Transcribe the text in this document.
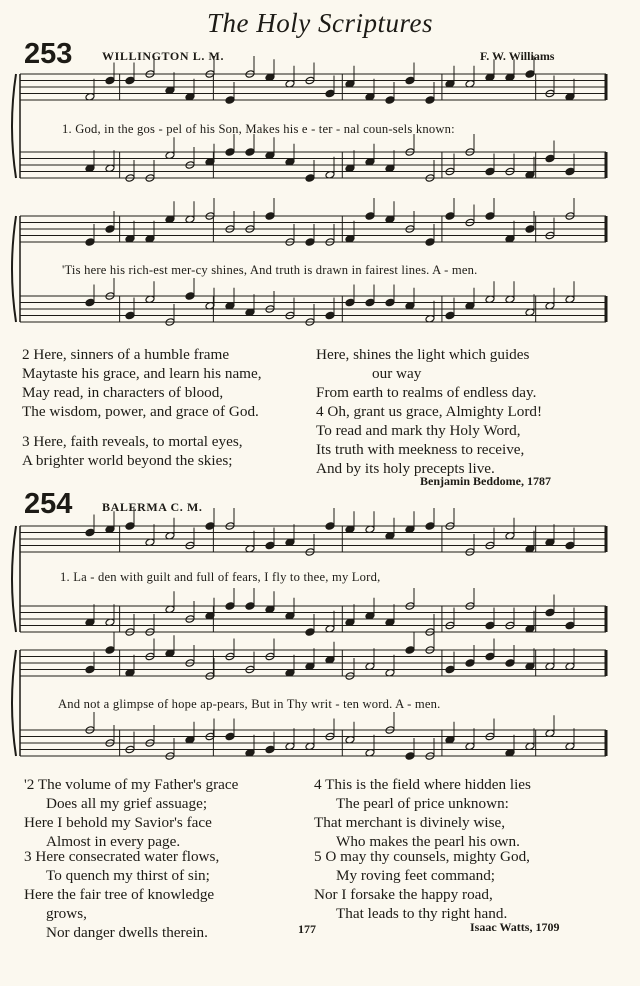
The Holy Scriptures
253 WILLINGTON L. M.	F. W. Williams
1. God, in the gos - pel of his Son, Makes his e - ter - nal coun-sels known:
'Tis here his rich-est mer-cy shines, And truth is drawn in fairest lines. A - men.
2 Here, sinners of a humble frame
Maytaste his grace, and learn his name,
May read, in characters of blood,
The wisdom, power, and grace of God.
3 Here, faith reveals, to mortal eyes,
A brighter world beyond the skies;
Here, shines the light which guides
our way
From earth to realms of endless day.
4 Oh, grant us grace, Almighty Lord!
To read and mark thy Holy Word,
Its truth with meekness to receive,
And by its holy precepts live.
Benjamin Beddome, 1787
254 BALERMA C. M.
1. La - den with guilt and full of fears, I fly to thee, my Lord,
And not a glimpse of hope ap-pears, But in Thy writ - ten word. A - men.
'2 The volume of my Father's grace
Does all my grief assuage;
Here I behold my Savior's face
Almost in every page.
3 Here consecrated water flows,
To quench my thirst of sin;
Here the fair tree of knowledge
grows,
Nor danger dwells therein.
4 This is the field where hidden lies
The pearl of price unknown:
That merchant is divinely wise,
Who makes the pearl his own.
5 O may thy counsels, mighty God,
My roving feet command;
Nor I forsake the happy road,
That leads to thy right hand.
177	Isaac Watts, 1709
